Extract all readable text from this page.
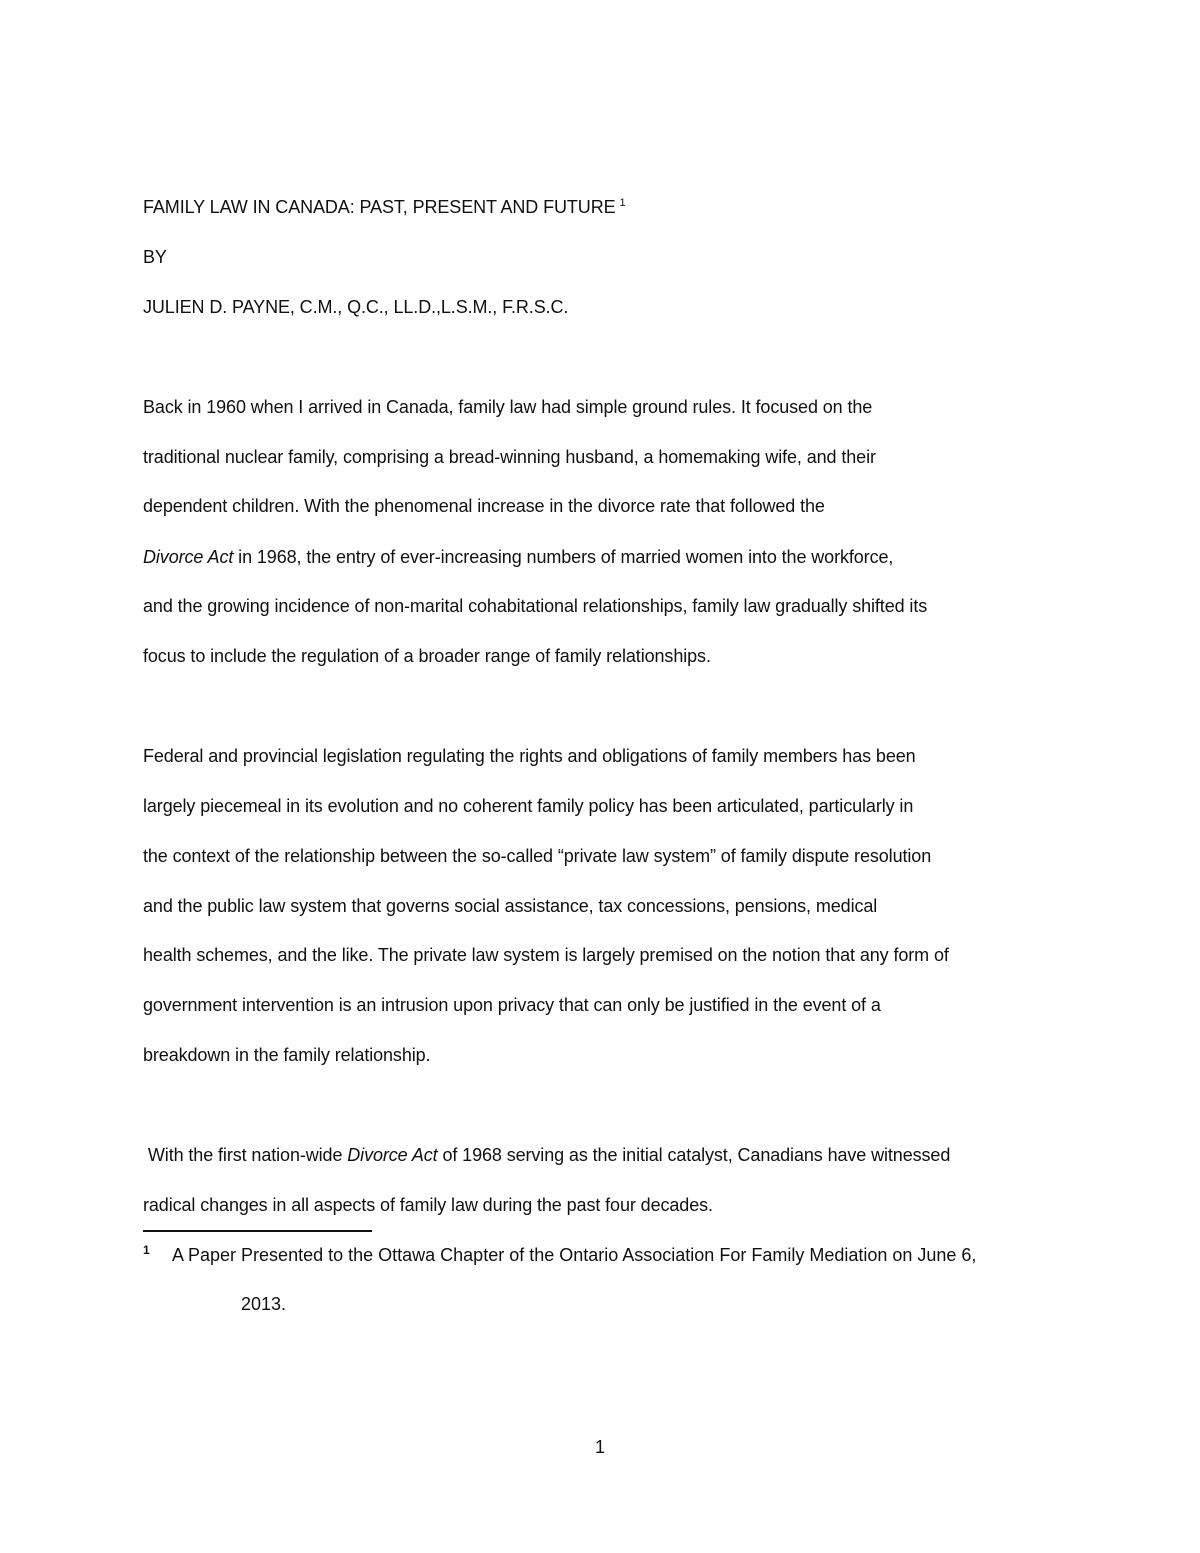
FAMILY LAW IN CANADA: PAST, PRESENT AND FUTURE $^1$
BY
JULIEN D. PAYNE, C.M., Q.C., LL.D.,L.S.M., F.R.S.C.
Back in 1960 when I arrived in Canada, family law had simple ground rules. It focused on the
traditional nuclear family, comprising a bread-winning husband, a homemaking wife, and their
dependent children. With the phenomenal increase in the divorce rate that followed the
Divorce Act in 1968, the entry of ever-increasing numbers of married women into the workforce,
and the growing incidence of non-marital cohabitational relationships, family law gradually shifted its
focus to include the regulation of a broader range of family relationships.
Federal and provincial legislation regulating the rights and obligations of family members has been
largely piecemeal in its evolution and no coherent family policy has been articulated, particularly in
the context of the relationship between the so-called “private law system” of family dispute resolution
and the public law system that governs social assistance, tax concessions, pensions, medical
health schemes, and the like. The private law system is largely premised on the notion that any form of
government intervention is an intrusion upon privacy that can only be justified in the event of a
breakdown in the family relationship.
With the first nation-wide Divorce Act of 1968 serving as the initial catalyst, Canadians have witnessed
radical changes in all aspects of family law during the past four decades.
1 A Paper Presented to the Ottawa Chapter of the Ontario Association For Family Mediation on June 6,
2013.
1
